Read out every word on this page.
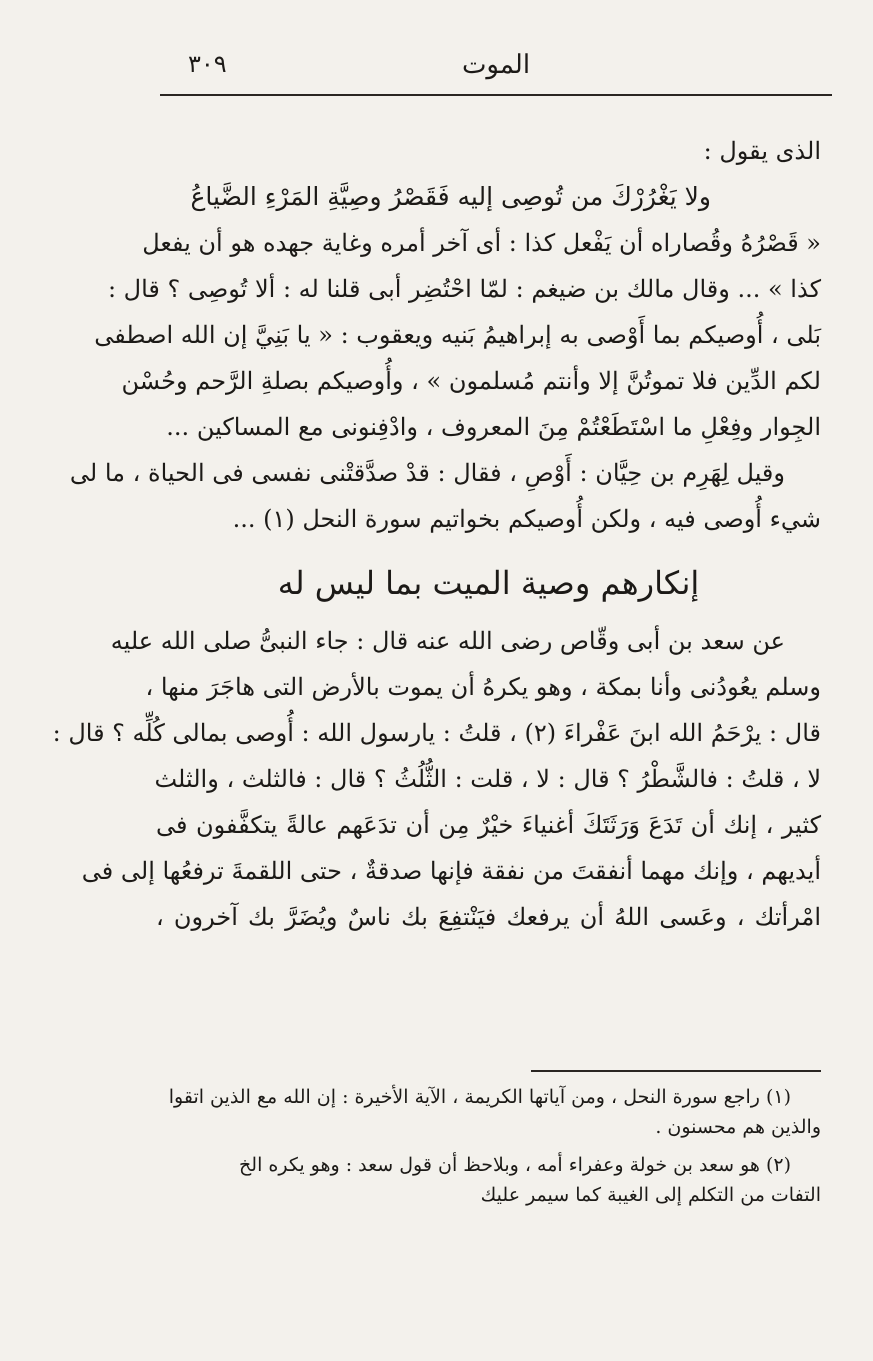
٣٠٩	الموت
الذى يقول :
ولا يَغْرُرْكَ من تُوصِى إليه فَقَصْرُ وصِيَّةِ المَرْءِ الضَّياعُ
« قَصْرُهُ وقُصاراه أن يَفْعل كذا : أى آخر أمره وغاية جهده هو أن يفعل
كذا » ... وقال مالك بن ضيغم : لمّا احْتُضِر أبى قلنا له : ألا تُوصِى ؟ قال :
بَلى ، أُوصيكم بما أَوْصى به إبراهيمُ بَنيه ويعقوب : « يا بَنِيَّ إن الله اصطفى
لكم الدِّين فلا تموتُنَّ إلا وأنتم مُسلمون » ، وأُوصيكم بصلةِ الرَّحم وحُسْن
الجِوار وفِعْلِ ما اسْتَطَعْتُمْ مِنَ المعروف ، وادْفِنونى مع المساكين ...
وقيل لِهَرِم بن حِيَّان : أَوْصِ ، فقال : قدْ صدَّقتْنى نفسى فى الحياة ، ما لى
شيء أُوصى فيه ، ولكن أُوصيكم بخواتيم سورة النحل (١) ...
إنكارهم وصية الميت بما ليس له
عن سعد بن أبى وقّاص رضى الله عنه قال : جاء النبىُّ صلى الله عليه
وسلم يعُودُنى وأنا بمكة ، وهو يكرهُ أن يموت بالأرض التى هاجَرَ منها ،
قال : يرْحَمُ الله ابنَ عَفْراءَ (٢) ، قلتُ : يارسول الله : أُوصى بمالى كُلِّه ؟ قال :
لا ، قلتُ : فالشَّطْرُ ؟ قال : لا ، قلت : الثُّلُثُ ؟ قال : فالثلث ، والثلث
كثير ، إنك أن تَدَعَ وَرَثَتَكَ أغنياءَ خيْرٌ مِن أن تدَعَهم عالةً يتكفَّفون فى
أيديهم ، وإنك مهما أنفقتَ من نفقة فإنها صدقةٌ ، حتى اللقمةَ ترفعُها إلى فى
امْرأتك ، وعَسى اللهُ أن يرفعك فيَنْتفِعَ بك ناسٌ ويُضَرَّ بك آخرون ،
(١) راجع سورة النحل ، ومن آياتها الكريمة ، الآية الأخيرة : إن الله مع الذين اتقوا
والذين هم محسنون .
(٢) هو سعد بن خولة وعفراء أمه ، وبلاحظ أن قول سعد : وهو يكره الخ
التفات من التكلم إلى الغيبة كما سيمر عليك
